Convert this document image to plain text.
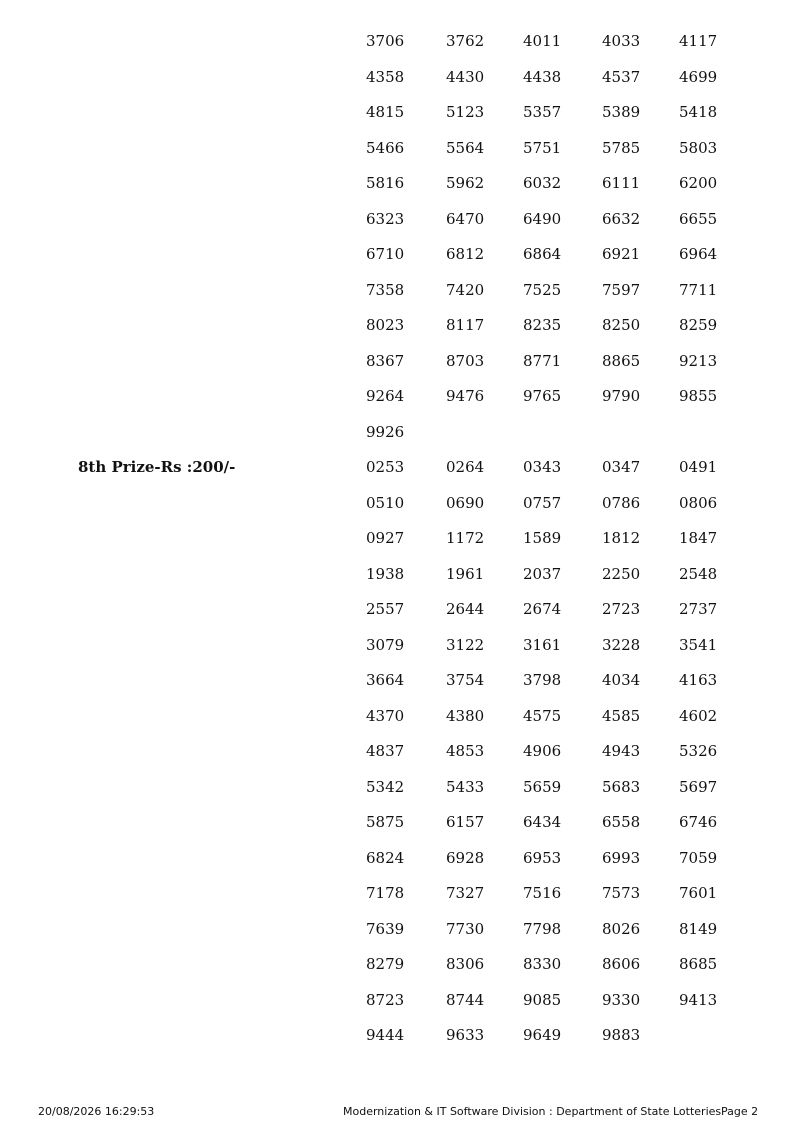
3706	3762	4011	4033	4117
4358	4430	4438	4537	4699
4815	5123	5357	5389	5418
5466	5564	5751	5785	5803
5816	5962	6032	6111	6200
6323	6470	6490	6632	6655
6710	6812	6864	6921	6964
7358	7420	7525	7597	7711
8023	8117	8235	8250	8259
8367	8703	8771	8865	9213
9264	9476	9765	9790	9855
9926
8th Prize-Rs :200/-	0253	0264	0343	0347	0491
0510	0690	0757	0786	0806
0927	1172	1589	1812	1847
1938	1961	2037	2250	2548
2557	2644	2674	2723	2737
3079	3122	3161	3228	3541
3664	3754	3798	4034	4163
4370	4380	4575	4585	4602
4837	4853	4906	4943	5326
5342	5433	5659	5683	5697
5875	6157	6434	6558	6746
6824	6928	6953	6993	7059
7178	7327	7516	7573	7601
7639	7730	7798	8026	8149
8279	8306	8330	8606	8685
8723	8744	9085	9330	9413
9444	9633	9649	9883
20/08/2026 16:29:53	Modernization & IT Software Division : Department of State Lotteries Page 2
